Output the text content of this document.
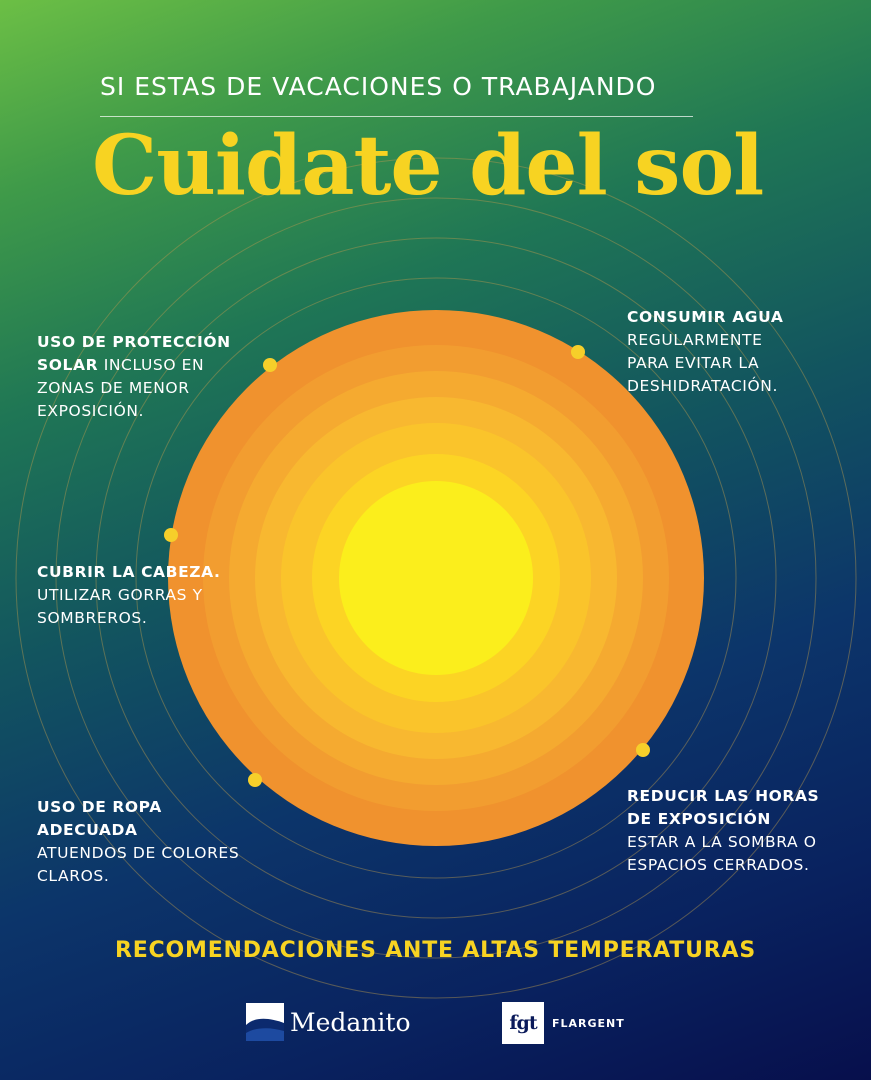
SI ESTAS DE VACACIONES O TRABAJANDO
Cuidate del sol
USO DE PROTECCIÓN
SOLAR INCLUSO EN
ZONAS DE MENOR
EXPOSICIÓN.
CUBRIR LA CABEZA.
UTILIZAR GORRAS Y
SOMBREROS.
USO DE ROPA ADECUADA
ATUENDOS DE COLORES
CLAROS.
CONSUMIR AGUA
REGULARMENTE
PARA EVITAR LA
DESHIDRATACIÓN.
REDUCIR LAS HORAS
DE EXPOSICIÓN
ESTAR A LA SOMBRA O
ESPACIOS CERRADOS.
RECOMENDACIONES ANTE ALTAS TEMPERATURAS
Medanito	fgt	FLARGENT
